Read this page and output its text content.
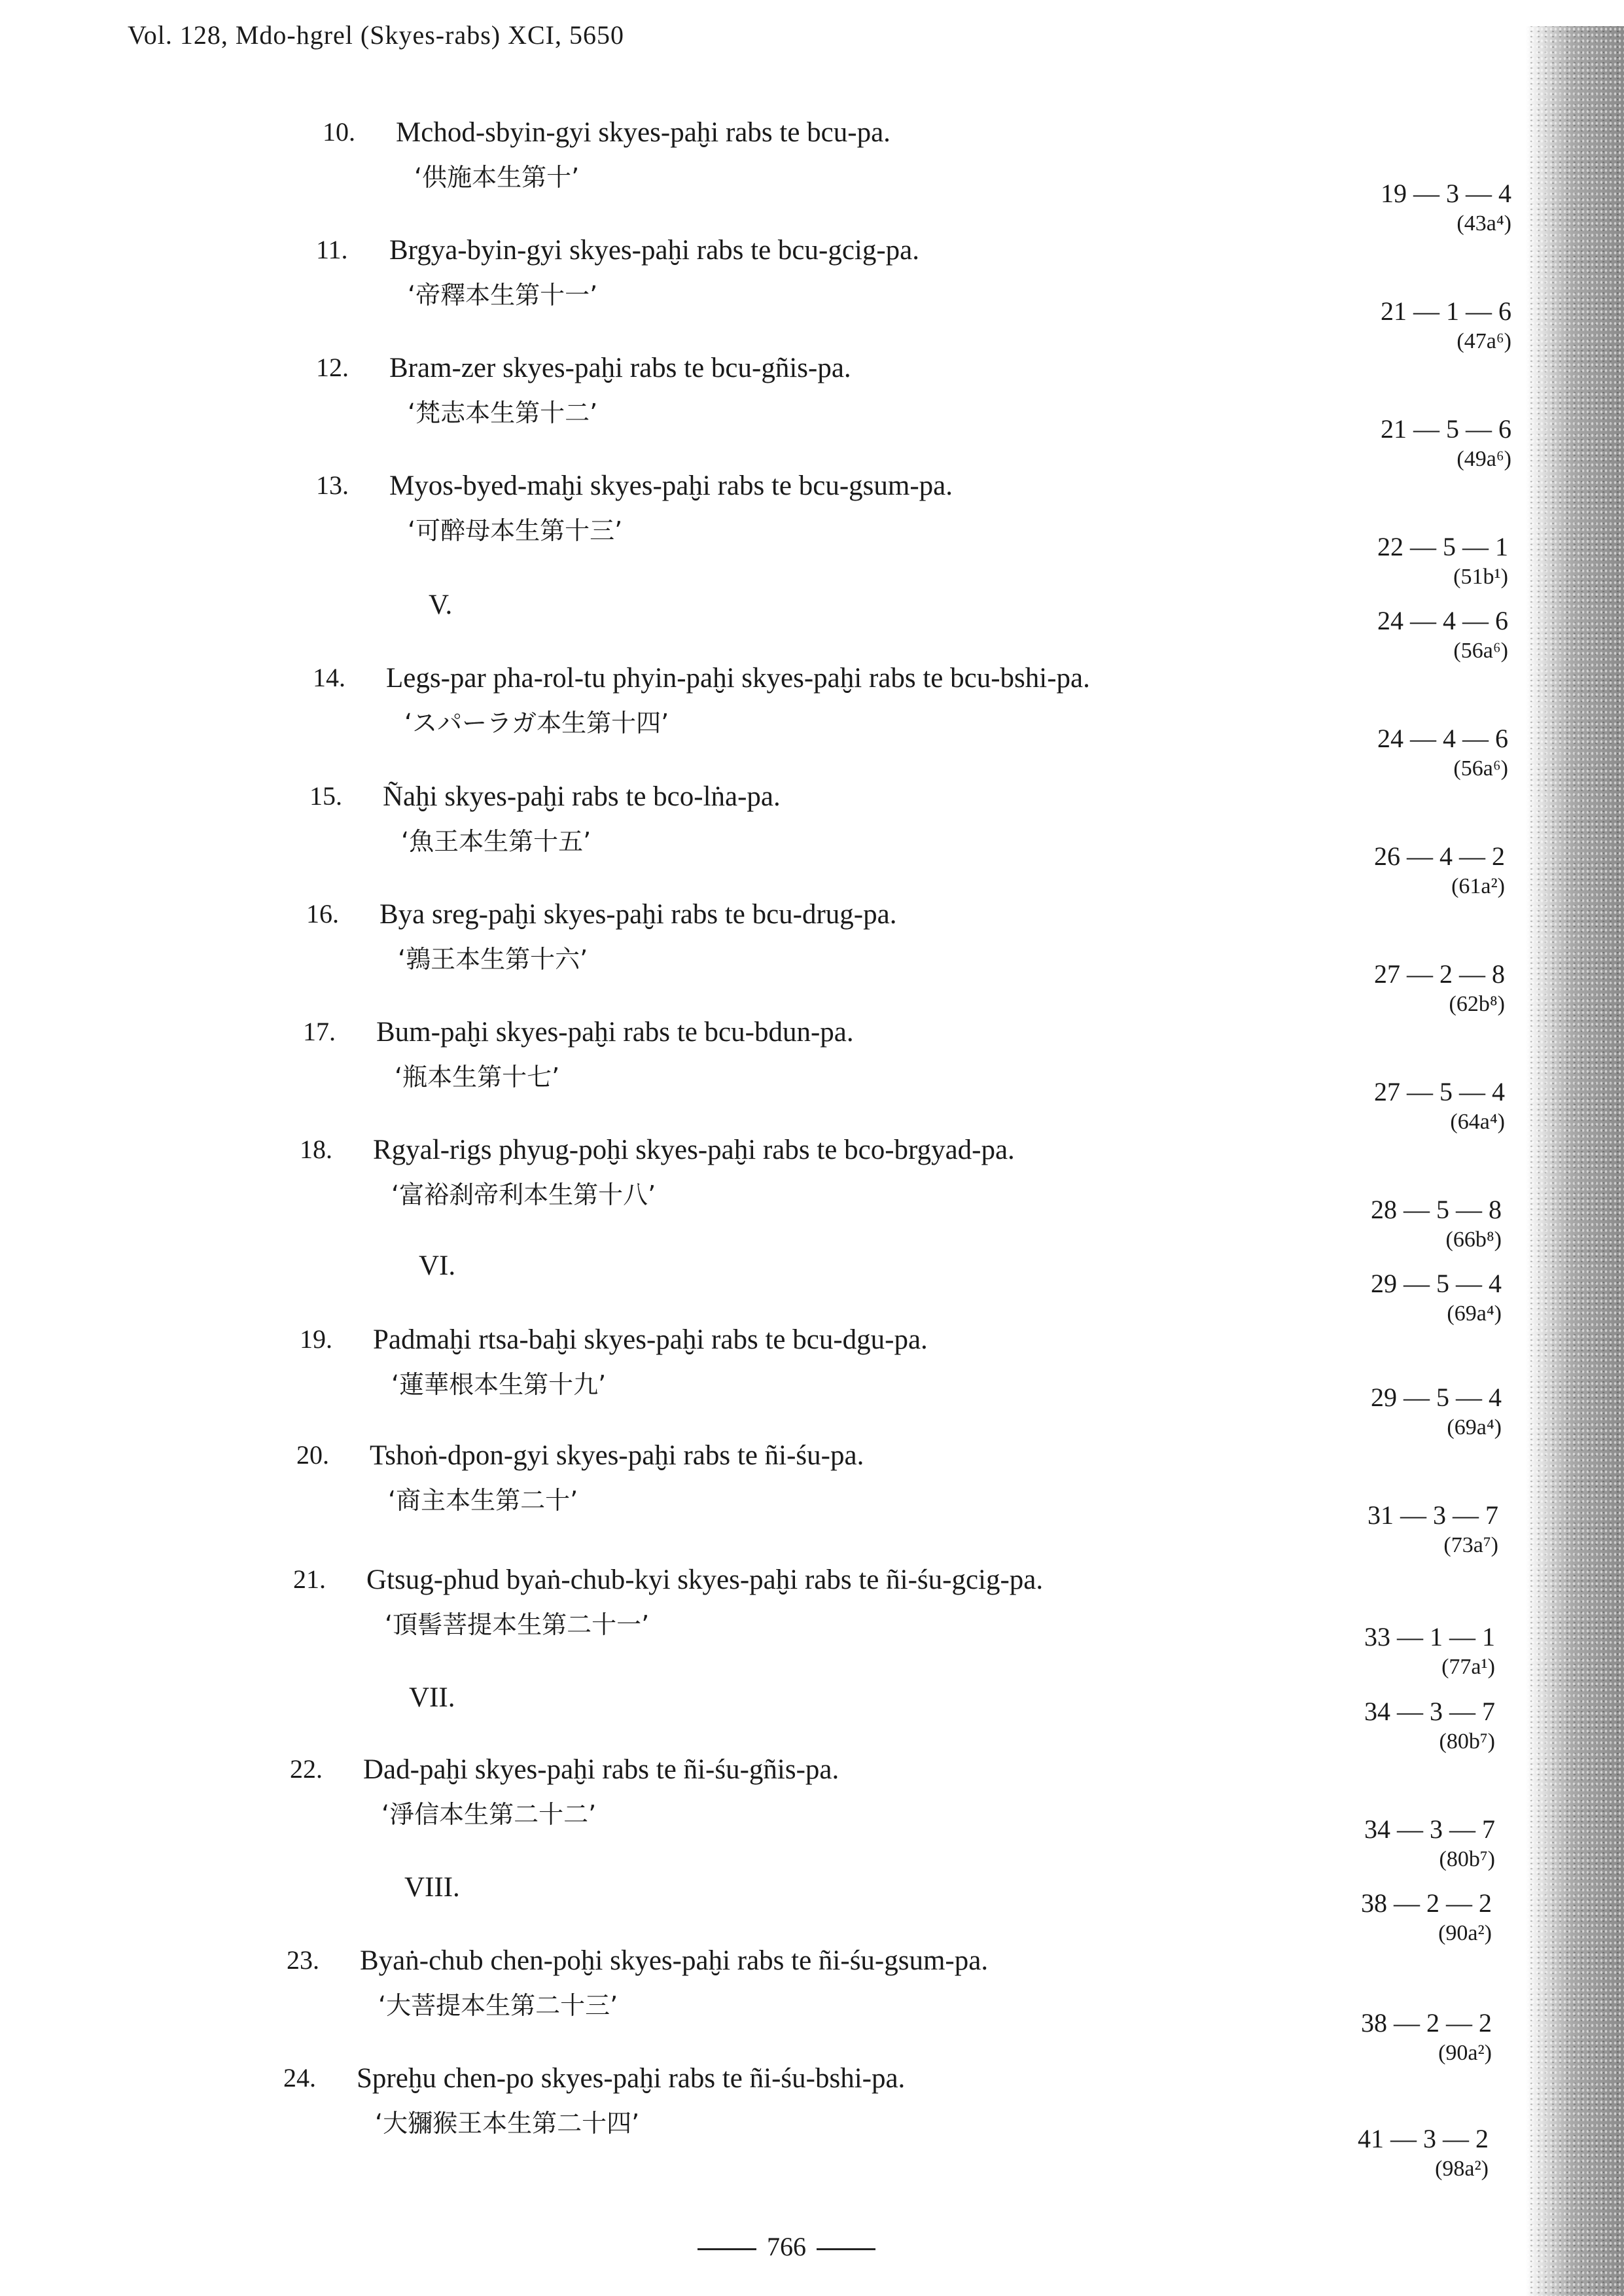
Vol. 128, Mdo-hgrel (Skyes-rabs) XCI, 5650
10. Mchod-sbyin-gyi skyes-paḫi rabs te bcu-pa.
‘供施本生第十’
11. Brgya-byin-gyi skyes-paḫi rabs te bcu-gcig-pa.
‘帝釋本生第十一’
12. Bram-zer skyes-paḫi rabs te bcu-gñis-pa.
‘梵志本生第十二’
13. Myos-byed-maḫi skyes-paḫi rabs te bcu-gsum-pa.
‘可醉母本生第十三’
V.
14. Legs-par pha-rol-tu phyin-paḫi skyes-paḫi rabs te bcu-bshi-pa.
‘スパーラガ本生第十四’
15. Ñaḫi skyes-paḫi rabs te bco-lṅa-pa.
‘魚王本生第十五’
16. Bya sreg-paḫi skyes-paḫi rabs te bcu-drug-pa.
‘鶉王本生第十六’
17. Bum-paḫi skyes-paḫi rabs te bcu-bdun-pa.
‘瓶本生第十七’
18. Rgyal-rigs phyug-poḫi skyes-paḫi rabs te bco-brgyad-pa.
‘富裕刹帝利本生第十八’
VI.
19. Padmaḫi rtsa-baḫi skyes-paḫi rabs te bcu-dgu-pa.
‘蓮華根本生第十九’
20. Tshoṅ-dpon-gyi skyes-paḫi rabs te ñi-śu-pa.
‘商主本生第二十’
21. Gtsug-phud byaṅ-chub-kyi skyes-paḫi rabs te ñi-śu-gcig-pa.
‘頂髻菩提本生第二十一’
VII.
22. Dad-paḫi skyes-paḫi rabs te ñi-śu-gñis-pa.
‘淨信本生第二十二’
VIII.
23. Byaṅ-chub chen-poḫi skyes-paḫi rabs te ñi-śu-gsum-pa.
‘大菩提本生第二十三’
24. Spreḫu chen-po skyes-paḫi rabs te ñi-śu-bshi-pa.
‘大獼猴王本生第二十四’
19 — 3 — 4
(43a⁴)
21 — 1 — 6
(47a⁶)
21 — 5 — 6
(49a⁶)
22 — 5 — 1
(51b¹)
24 — 4 — 6
(56a⁶)
24 — 4 — 6
(56a⁶)
26 — 4 — 2
(61a²)
27 — 2 — 8
(62b⁸)
27 — 5 — 4
(64a⁴)
28 — 5 — 8
(66b⁸)
29 — 5 — 4
(69a⁴)
29 — 5 — 4
(69a⁴)
31 — 3 — 7
(73a⁷)
33 — 1 — 1
(77a¹)
34 — 3 — 7
(80b⁷)
34 — 3 — 7
(80b⁷)
38 — 2 — 2
(90a²)
38 — 2 — 2
(90a²)
41 — 3 — 2
(98a²)
766
